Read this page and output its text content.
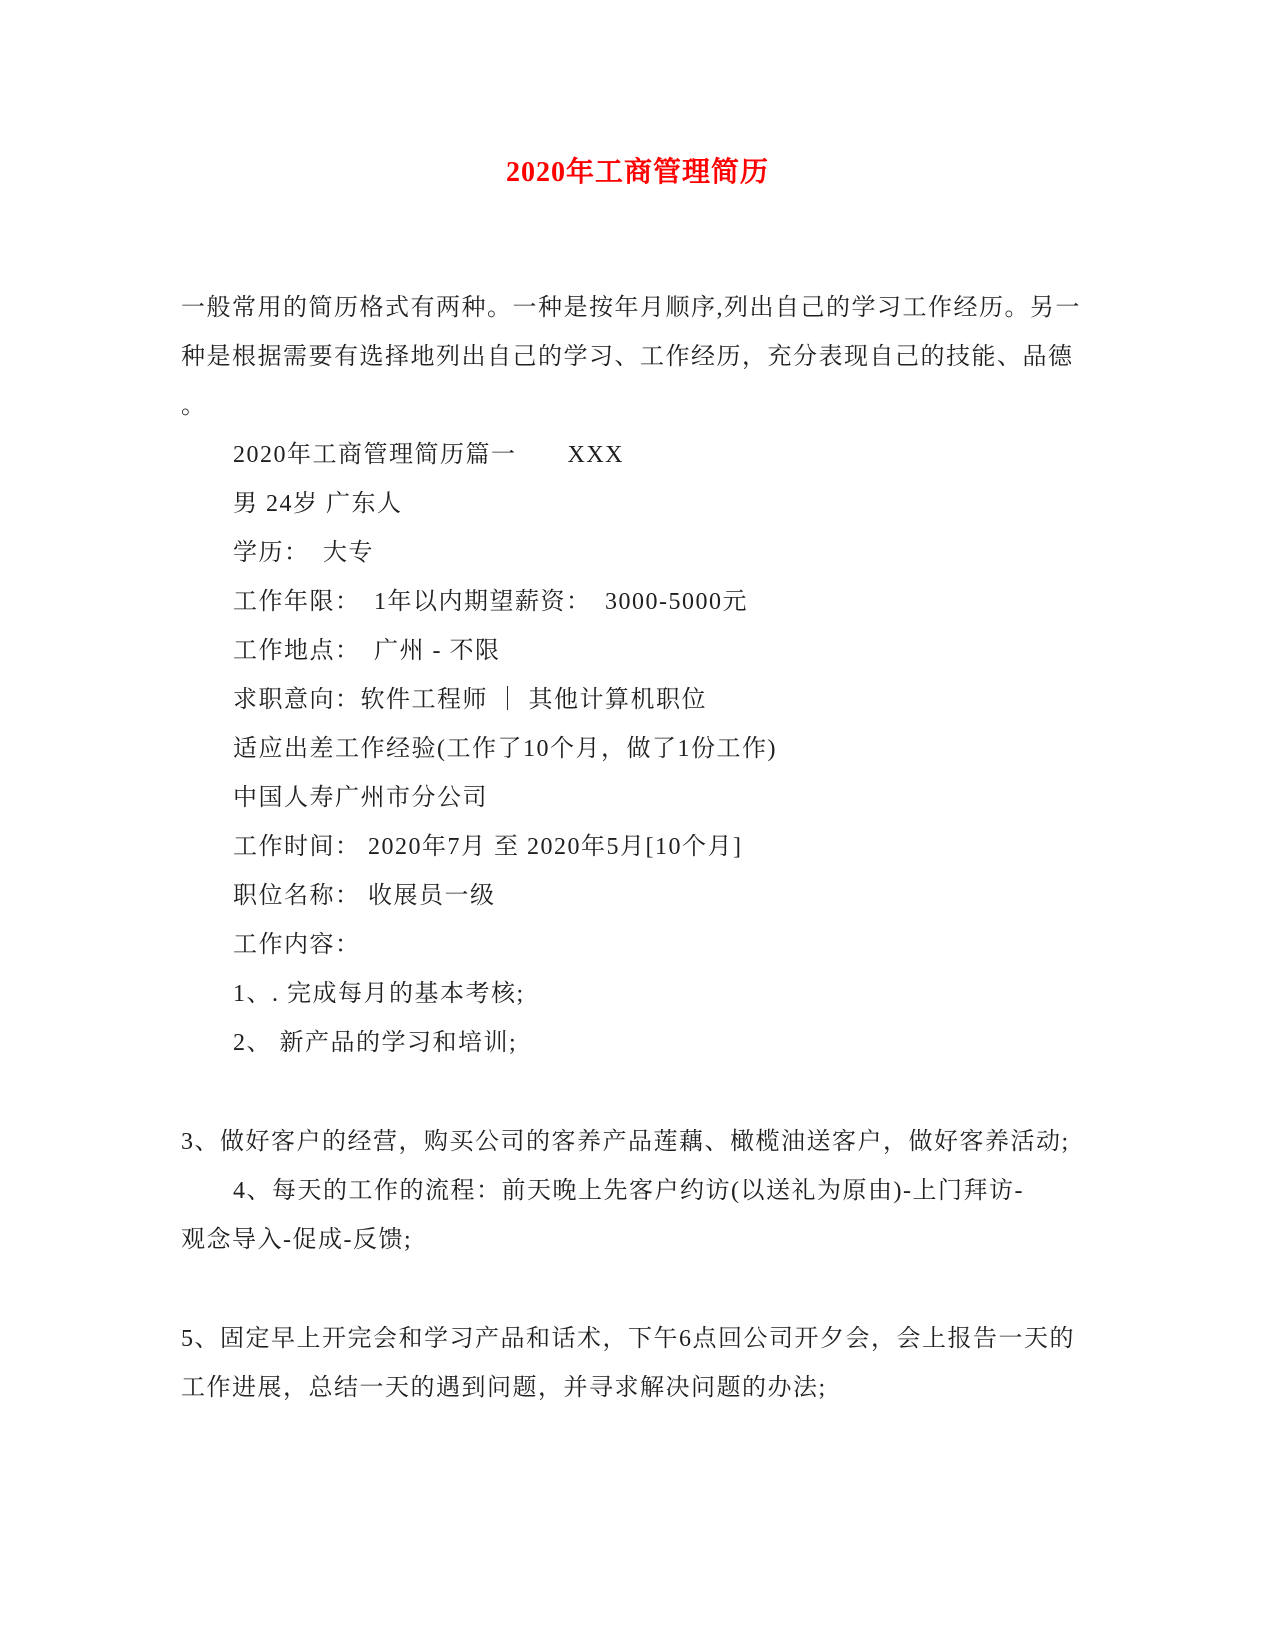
2020年工商管理简历
一般常用的简历格式有两种。一种是按年月顺序,列出自己的学习工作经历。另一
种是根据需要有选择地列出自己的学习、工作经历，充分表现自己的技能、品德
。
2020年工商管理简历篇一　　XXX
男 24岁 广东人
学历：　大专
工作年限：　1年以内期望薪资：　3000-5000元
工作地点：　广州 - 不限
求职意向：软件工程师 ｜ 其他计算机职位
适应出差工作经验(工作了10个月，做了1份工作)
中国人寿广州市分公司
工作时间： 2020年7月 至 2020年5月[10个月]
职位名称： 收展员一级
工作内容：
1、. 完成每月的基本考核;
2、 新产品的学习和培训;
3、做好客户的经营，购买公司的客养产品莲藕、橄榄油送客户，做好客养活动;
4、每天的工作的流程：前天晚上先客户约访(以送礼为原由)-上门拜访-
观念导入-促成-反馈;
5、固定早上开完会和学习产品和话术，下午6点回公司开夕会，会上报告一天的
工作进展，总结一天的遇到问题，并寻求解决问题的办法;
